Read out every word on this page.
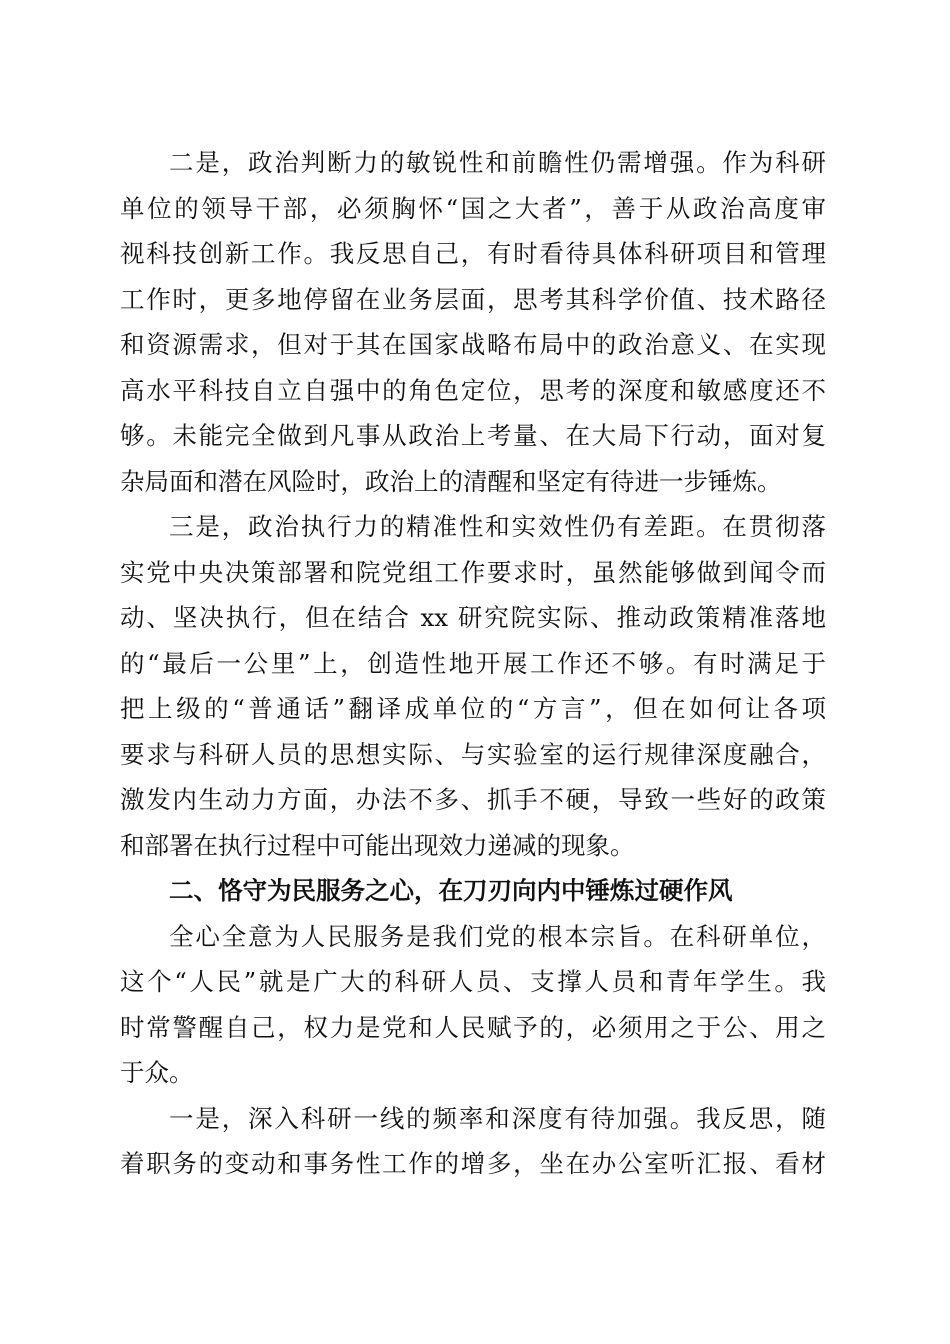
二是，政治判断力的敏锐性和前瞻性仍需增强。作为科研
单位的领导干部，必须胸怀“国之大者”，善于从政治高度审
视科技创新工作。我反思自己，有时看待具体科研项目和管理
工作时，更多地停留在业务层面，思考其科学价值、技术路径
和资源需求，但对于其在国家战略布局中的政治意义、在实现
高水平科技自立自强中的角色定位，思考的深度和敏感度还不
够。未能完全做到凡事从政治上考量、在大局下行动，面对复
杂局面和潜在风险时，政治上的清醒和坚定有待进一步锤炼。
三是，政治执行力的精准性和实效性仍有差距。在贯彻落
实党中央决策部署和院党组工作要求时，虽然能够做到闻令而
动、坚决执行，但在结合 xx 研究院实际、推动政策精准落地
的“最后一公里”上，创造性地开展工作还不够。有时满足于
把上级的“普通话”翻译成单位的“方言”，但在如何让各项
要求与科研人员的思想实际、与实验室的运行规律深度融合，
激发内生动力方面，办法不多、抓手不硬，导致一些好的政策
和部署在执行过程中可能出现效力递减的现象。
二、恪守为民服务之心，在刀刃向内中锤炼过硬作风
全心全意为人民服务是我们党的根本宗旨。在科研单位，
这个“人民”就是广大的科研人员、支撑人员和青年学生。我
时常警醒自己，权力是党和人民赋予的，必须用之于公、用之
于众。
一是，深入科研一线的频率和深度有待加强。我反思，随
着职务的变动和事务性工作的增多，坐在办公室听汇报、看材
